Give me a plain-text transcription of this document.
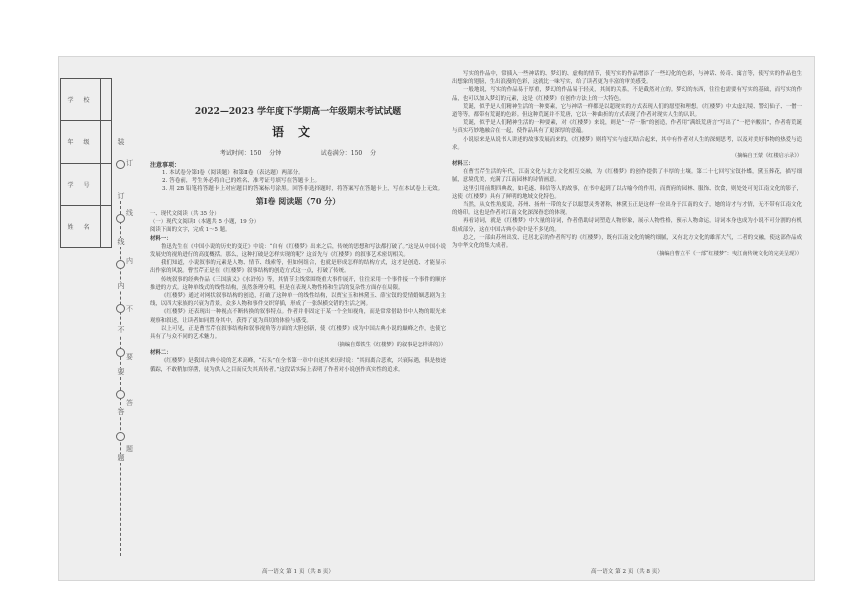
学 校
年 级
学 号
姓 名
装
订
线
内
不
要
答
题
订
线
内
不
要
答
题
2022—2023 学年度下学期高一年级期末考试试题
语文
考试时间：150 分钟	试卷满分：150 分
注意事项：
1. 本试卷分第Ⅰ卷（阅读题）和第Ⅱ卷（表达题）两部分。
2. 答卷前，考生务必将自己的姓名、准考证号填写在答题卡上。
3. 用 2B 铅笔将答题卡上对应题目的答案标号涂黑。回答非选择题时，将答案写在答题卡上，写在本试卷上无效。
第Ⅰ卷 阅读题（70 分）
一、现代文阅读（共 35 分）
（一）现代文阅读Ⅰ（本题共 5 小题，19 分）
阅读下面的文字，完成 1～5 题。
材料一：
鲁迅先生在《中国小说的历史的变迁》中说：“自有《红楼梦》出来之后，传统的思想和写法都打破了。”这是从中国小说发展史的视角进行的高度概括。那么，这种打破是怎样实现的呢？这首先与《红楼梦》的叙事艺术密切相关。
我们知道，小说叙事的元素是人物、情节、线索等，但如何组合，也就是形成怎样的结构方式，这才是创造、才能显示出作家的风貌。曹雪芹正是在《红楼梦》叙事结构的创造方式这一点，打破了传统。
传统叙事的经典作品《三国演义》《水浒传》等，其情节主线常围绕重大事件展开，往往采用一个事件接一个事件的顺序推进的方式。这种单线式的线性结构，虽然条理分明，但是在表现人物性格和生活的复杂性方面存在局限。
《红楼梦》通过对网状叙事结构的创造，打破了这种单一的线性结构，以贾宝玉和林黛玉、薛宝钗的爱情婚姻悲剧为主线，以四大家族的兴衰为背景，众多人物和事件交织穿插，形成了一张纵横交错的生活之网。
《红楼梦》还表现出一种视点不断转换的叙事特点。作者并非固定于某一个全知视角，而是常常借助书中人物的眼光来观察和叙述，让读者如同置身其中，获得了更为真切的体验与感受。
以上可见，正是曹雪芹在叙事结构和叙事视角等方面的大胆创新，使《红楼梦》成为中国古典小说的巅峰之作，也使它具有了与众不同的艺术魅力。
（摘编自郑铁生《红楼梦》的叙事是怎样讲的》）
材料二：
《红楼梦》是我国古典小说的艺术高峰，“石头”在全书第一章中自述其来历时说：“其间离合悲欢，兴衰际遇，俱是按迹循踪，不敢稍加穿凿，徒为供人之目而反失其真传者。”这段话实际上表明了作者对小说创作真实性的追求。
高一语文 第 1 页（共 8 页）
写实的作品中，常插入一些神话的、梦幻的、虚构的情节，使写实的作品增添了一些幻化的色彩，与神话、传奇、寓言等，使写实的作品也生出想象的翅膀，生出浪漫的色彩，这就比一味写实，给了读者更为丰富的审美感受。
一般地说，写实的作品易于厚重，梦幻的作品易于轻灵，其间的关系，不是截然对立的。梦幻的东西，往往也需要有写实的基础，而写实的作品，也可以加入梦幻的元素，这是《红楼梦》在创作方法上的一大特色。
荒诞，似乎是人们精神生活的一种要素，它与神话一样都是以超现实的方式表现人们的愿望和理想。《红楼梦》中太虚幻境、警幻仙子、一僧一道等等，都带有荒诞的色彩。但这种荒诞并不荒唐，它以一种曲折的方式表现了作者对现实人生的认识。
荒诞，似乎是人们精神生活的一种要素，对《红楼梦》来说，则是“一芹一脂”的创造，作者用“满纸荒唐言”写出了“一把辛酸泪”，作者将荒诞与真实巧妙地融合在一起，使作品具有了更深厚的意蕴。
小说原来是从说书人讲述的故事发展而来的，《红楼梦》则将写实与虚幻结合起来，其中有作者对人生的深刻思考，以及对美好事物的热爱与追求。
（摘编自王蒙《红楼启示录》）
材料三：
在曹雪芹生活的年代，江南文化与北方文化相互交融，为《红楼梦》的创作提供了丰厚的土壤。第二十七回写宝钗扑蝶，黛玉葬花，描写细腻，意境优美，充满了江南园林的诗情画意。
这里引用前期四典故，如毛遂、韩信等人的故事，在书中起到了以古喻今的作用，而贾府的园林、服饰、饮食，则处处可见江南文化的影子，这使《红楼梦》具有了鲜明的地域文化特色。
当然，从女性角度说，苏州、扬州一带的女子以聪慧灵秀著称，林黛玉正是这样一位出身于江南的女子，她的诗才与才情，无不带有江南文化的烙印。这也是作者对江南文化深深眷恋的体现。
再看诗词，就是《红楼梦》中大量的诗词，作者借助诗词塑造人物形象，展示人物性格，预示人物命运，诗词本身也成为小说不可分割的有机组成部分，这在中国古典小说中是不多见的。
总之，一部由苏州出发、迁居北京的作者所写的《红楼梦》，既有江南文化的婉约细腻，又有北方文化的雄浑大气，二者的交融，使这部作品成为中华文化的集大成者。
（摘编自曹立平《一部“红楼梦”：曳江南传统文化的完美呈现》）
高一语文 第 2 页（共 8 页）
